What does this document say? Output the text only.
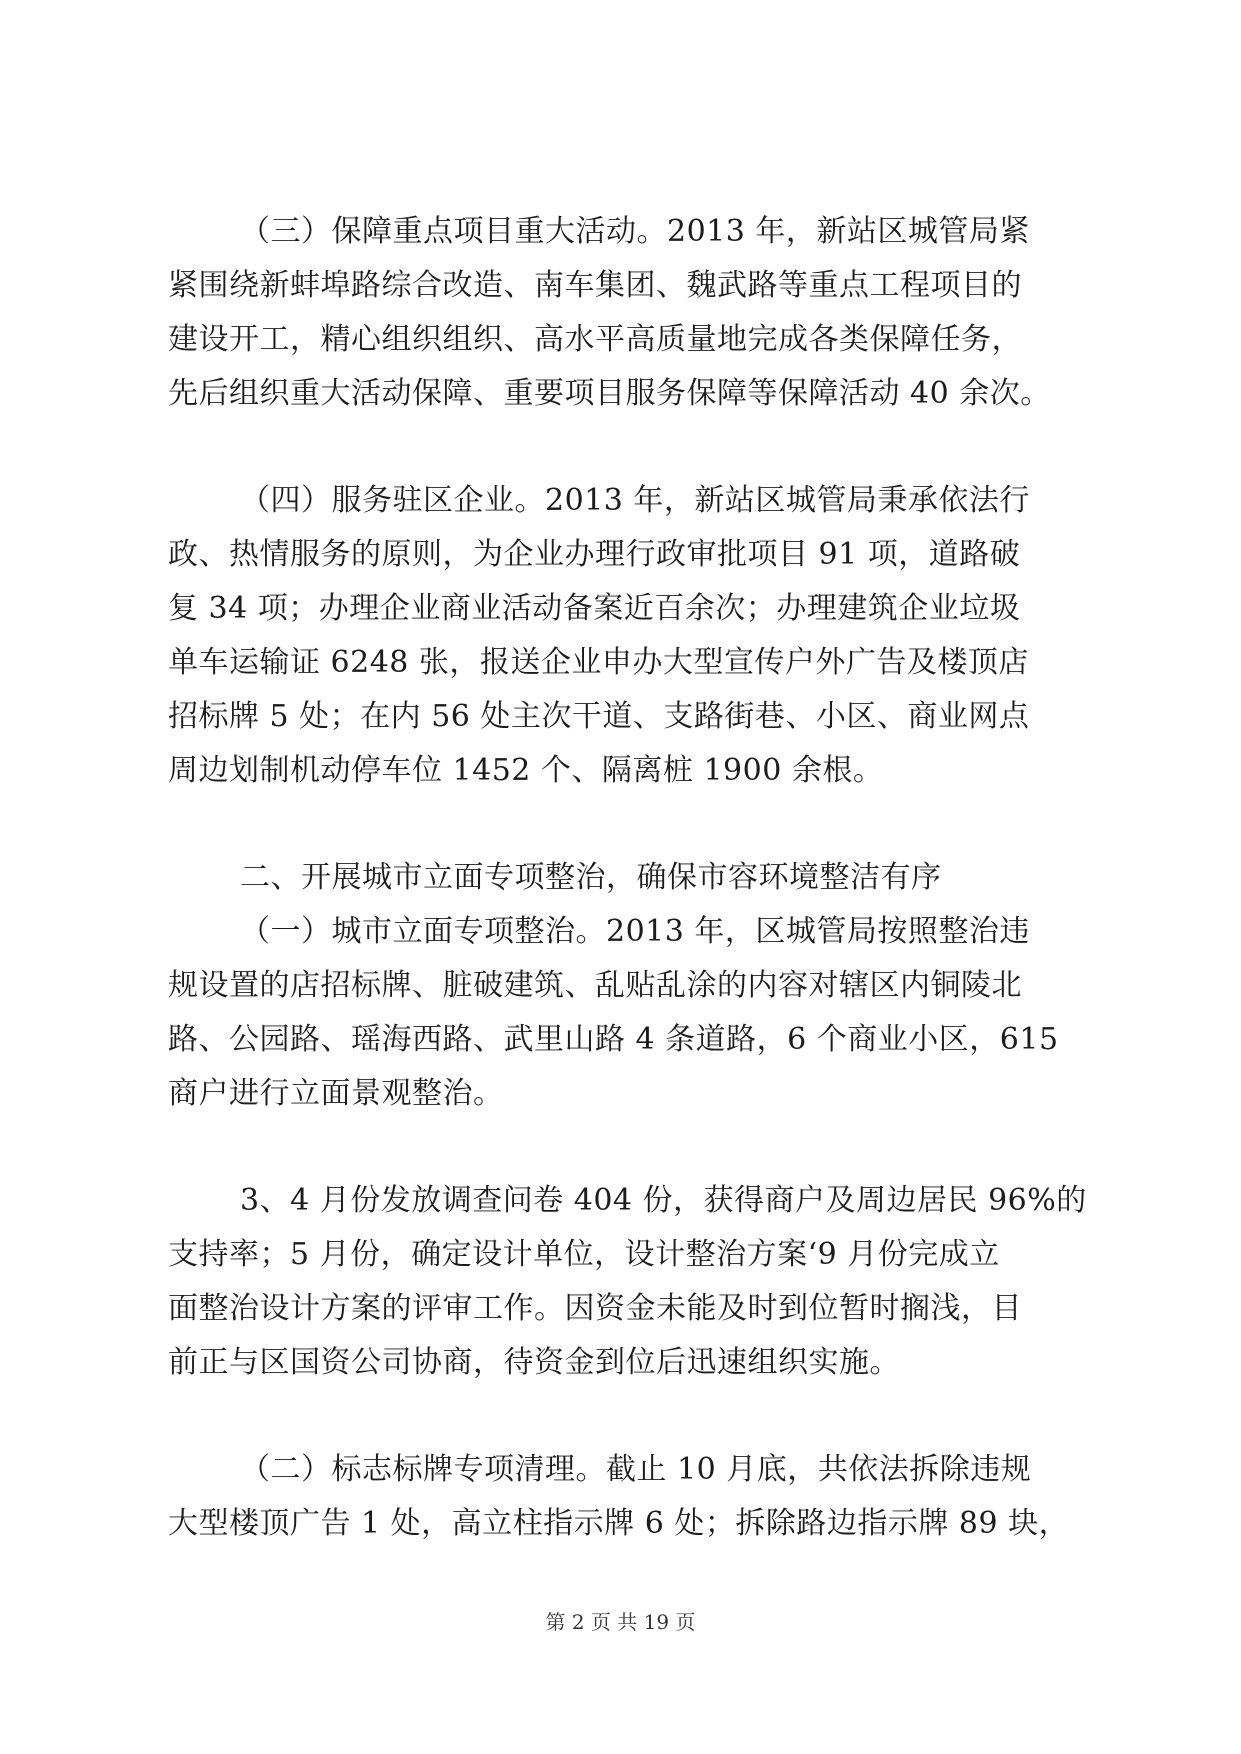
（三）保障重点项目重大活动。2013 年，新站区城管局紧
紧围绕新蚌埠路综合改造、南车集团、魏武路等重点工程项目的
建设开工，精心组织组织、高水平高质量地完成各类保障任务，
先后组织重大活动保障、重要项目服务保障等保障活动 40 余次。
（四）服务驻区企业。2013 年，新站区城管局秉承依法行
政、热情服务的原则，为企业办理行政审批项目 91 项，道路破
复 34 项；办理企业商业活动备案近百余次；办理建筑企业垃圾
单车运输证 6248 张，报送企业申办大型宣传户外广告及楼顶店
招标牌 5 处；在内 56 处主次干道、支路街巷、小区、商业网点
周边划制机动停车位 1452 个、隔离桩 1900 余根。
二、开展城市立面专项整治，确保市容环境整洁有序
（一）城市立面专项整治。2013 年，区城管局按照整治违
规设置的店招标牌、脏破建筑、乱贴乱涂的内容对辖区内铜陵北
路、公园路、瑶海西路、武里山路 4 条道路，6 个商业小区，615
商户进行立面景观整治。
3、4 月份发放调查问卷 404 份，获得商户及周边居民 96%的
支持率；5 月份，确定设计单位，设计整治方案‘9 月份完成立
面整治设计方案的评审工作。因资金未能及时到位暂时搁浅，目
前正与区国资公司协商，待资金到位后迅速组织实施。
（二）标志标牌专项清理。截止 10 月底，共依法拆除违规
大型楼顶广告 1 处，高立柱指示牌 6 处；拆除路边指示牌 89 块，
第 2 页 共 19 页
